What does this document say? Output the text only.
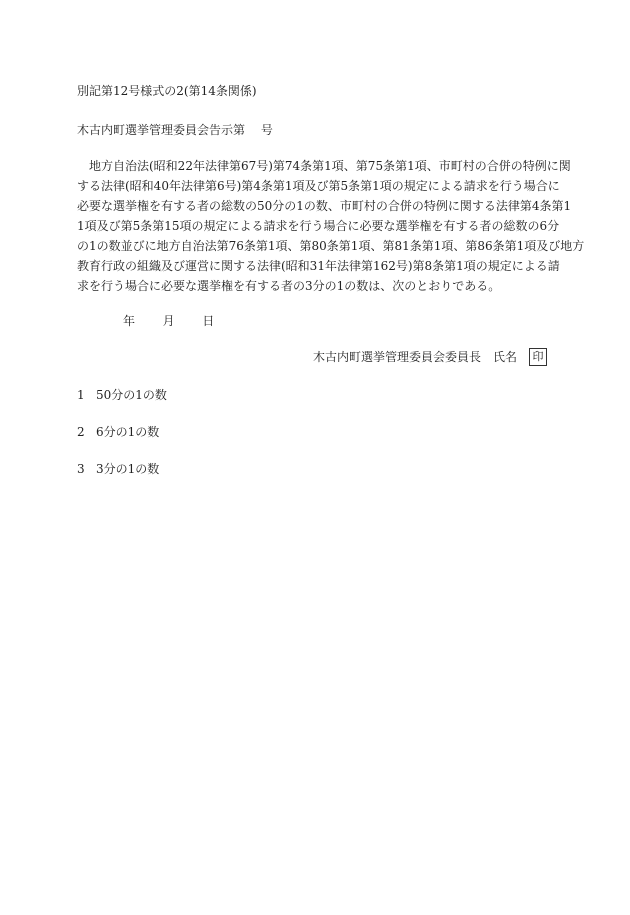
別記第12号様式の2(第14条関係)
木古内町選挙管理委員会告示第　 号
　地方自治法(昭和22年法律第67号)第74条第1項、第75条第1項、市町村の合併の特例に関
する法律(昭和40年法律第6号)第4条第1項及び第5条第1項の規定による請求を行う場合に
必要な選挙権を有する者の総数の50分の1の数、市町村の合併の特例に関する法律第4条第1
1項及び第5条第15項の規定による請求を行う場合に必要な選挙権を有する者の総数の6分
の1の数並びに地方自治法第76条第1項、第80条第1項、第81条第1項、第86条第1項及び地方
教育行政の組織及び運営に関する法律(昭和31年法律第162号)第8条第1項の規定による請
求を行う場合に必要な選挙権を有する者の3分の1の数は、次のとおりである。
年 月 日
木古内町選挙管理委員会委員長 氏名	印
1 50分の1の数
2 6分の1の数
3 3分の1の数
